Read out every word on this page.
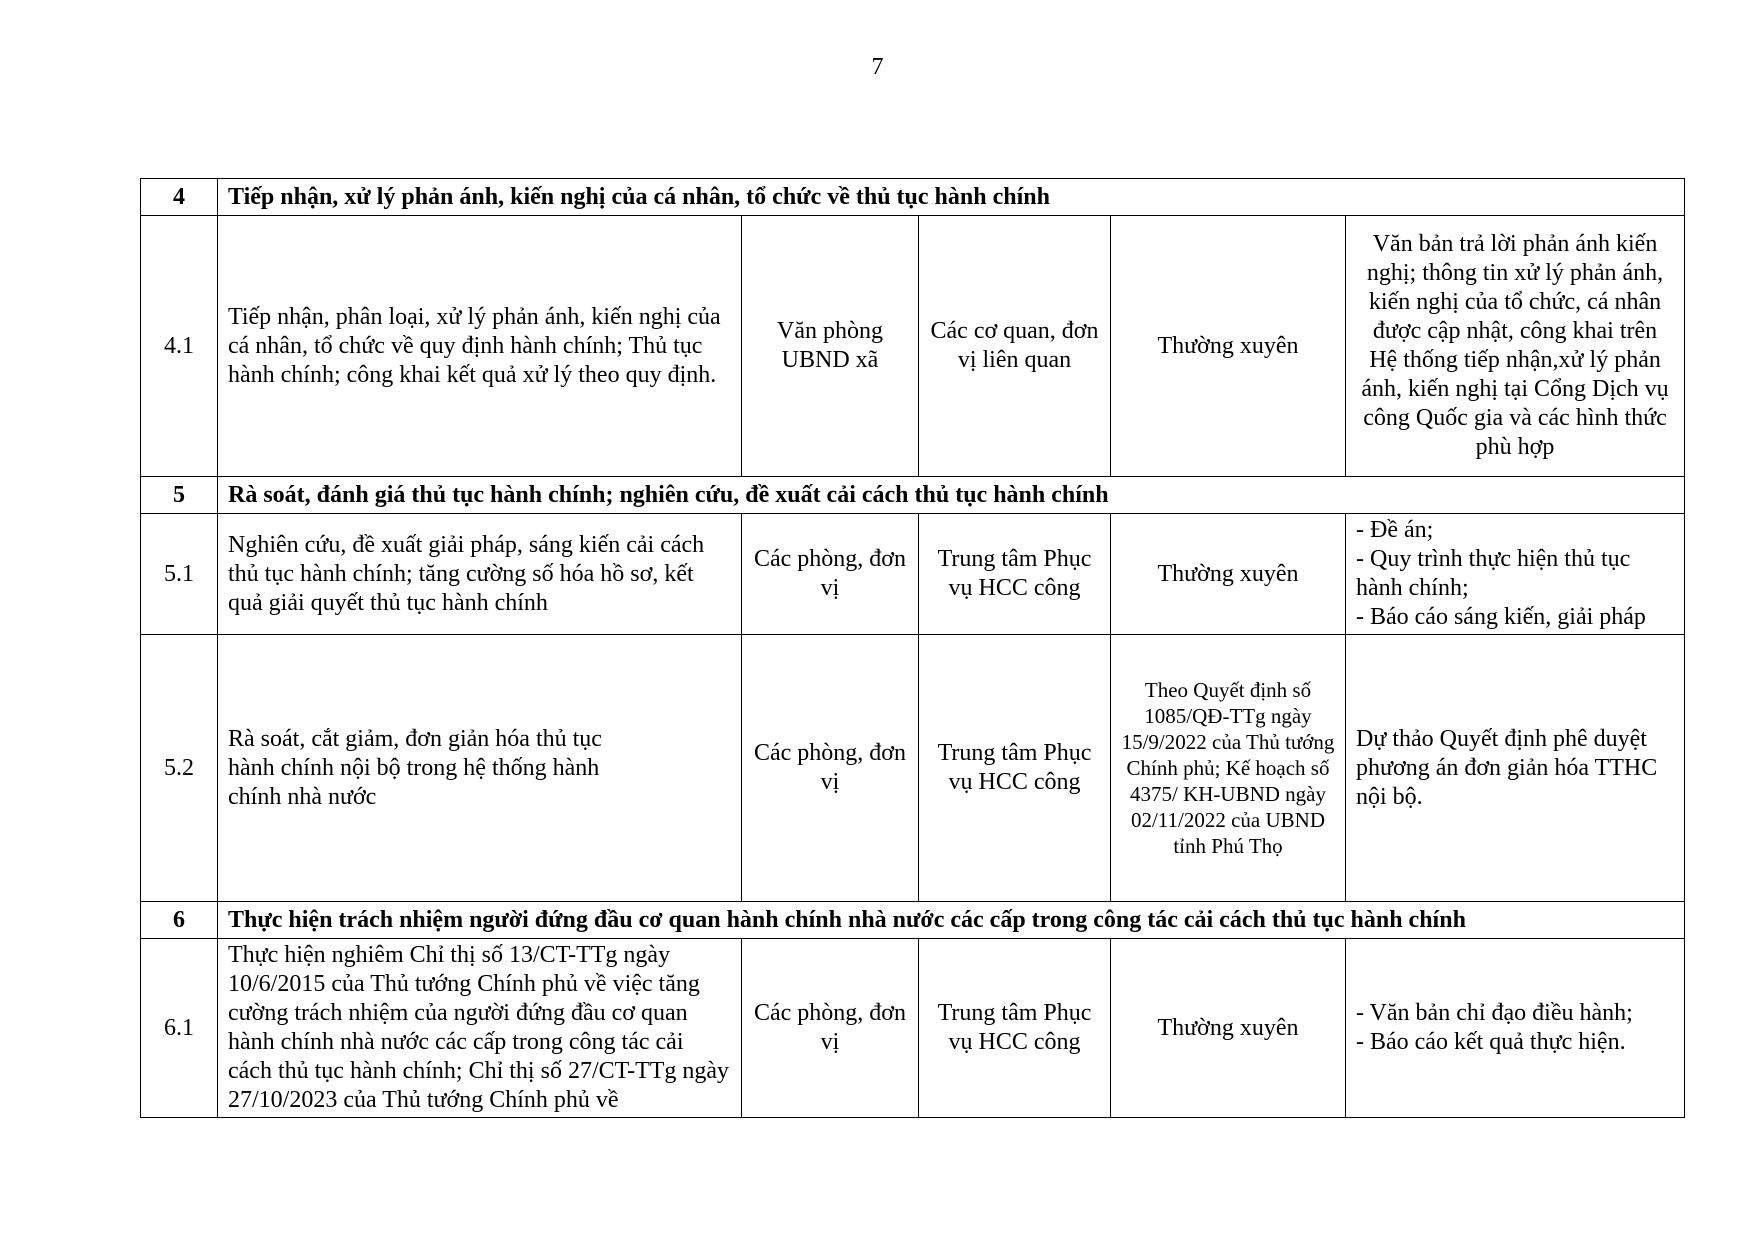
7
4	Tiếp nhận, xử lý phản ánh, kiến nghị của cá nhân, tổ chức về thủ tục hành chính				
4.1	Tiếp nhận, phân loại, xử lý phản ánh, kiến nghị của cá nhân, tổ chức về quy định hành chính; Thủ tục hành chính; công khai kết quả xử lý theo quy định.	Văn phòng UBND xã	Các cơ quan, đơn vị liên quan	Thường xuyên	Văn bản trả lời phản ánh kiến nghị; thông tin xử lý phản ánh, kiến nghị của tổ chức, cá nhân được cập nhật, công khai trên Hệ thống tiếp nhận,xử lý phản ánh, kiến nghị tại Cổng Dịch vụ công Quốc gia và các hình thức phù hợp
5	Rà soát, đánh giá thủ tục hành chính; nghiên cứu, đề xuất cải cách thủ tục hành chính				
5.1	Nghiên cứu, đề xuất giải pháp, sáng kiến cải cách thủ tục hành chính; tăng cường số hóa hồ sơ, kết quả giải quyết thủ tục hành chính	Các phòng, đơn vị	Trung tâm Phục vụ HCC công	Thường xuyên	- Đề án;
- Quy trình thực hiện thủ tục hành chính;
- Báo cáo sáng kiến, giải pháp

5.2	Rà soát, cắt giảm, đơn giản hóa thủ tục
hành chính nội bộ trong hệ thống hành
chính nhà nước	Các phòng, đơn vị	Trung tâm Phục vụ HCC công	Theo Quyết định số 1085/QĐ-TTg ngày 15/9/2022 của Thủ tướng Chính phủ; Kế hoạch số 4375/ KH-UBND ngày 02/11/2022 của UBND tỉnh Phú Thọ	Dự thảo Quyết định phê duyệt phương án đơn giản hóa TTHC nội bộ.
6	Thực hiện trách nhiệm người đứng đầu cơ quan hành chính nhà nước các cấp trong công tác cải cách thủ tục hành chính				
6.1	Thực hiện nghiêm Chỉ thị số 13/CT-TTg ngày 10/6/2015 của Thủ tướng Chính phủ về việc tăng cường trách nhiệm của người đứng đầu cơ quan hành chính nhà nước các cấp trong công tác cải cách thủ tục hành chính; Chỉ thị số 27/CT-TTg ngày 27/10/2023 của Thủ tướng Chính phủ về	Các phòng, đơn vị	Trung tâm Phục vụ HCC công	Thường xuyên	- Văn bản chỉ đạo điều hành;
- Báo cáo kết quả thực hiện.
